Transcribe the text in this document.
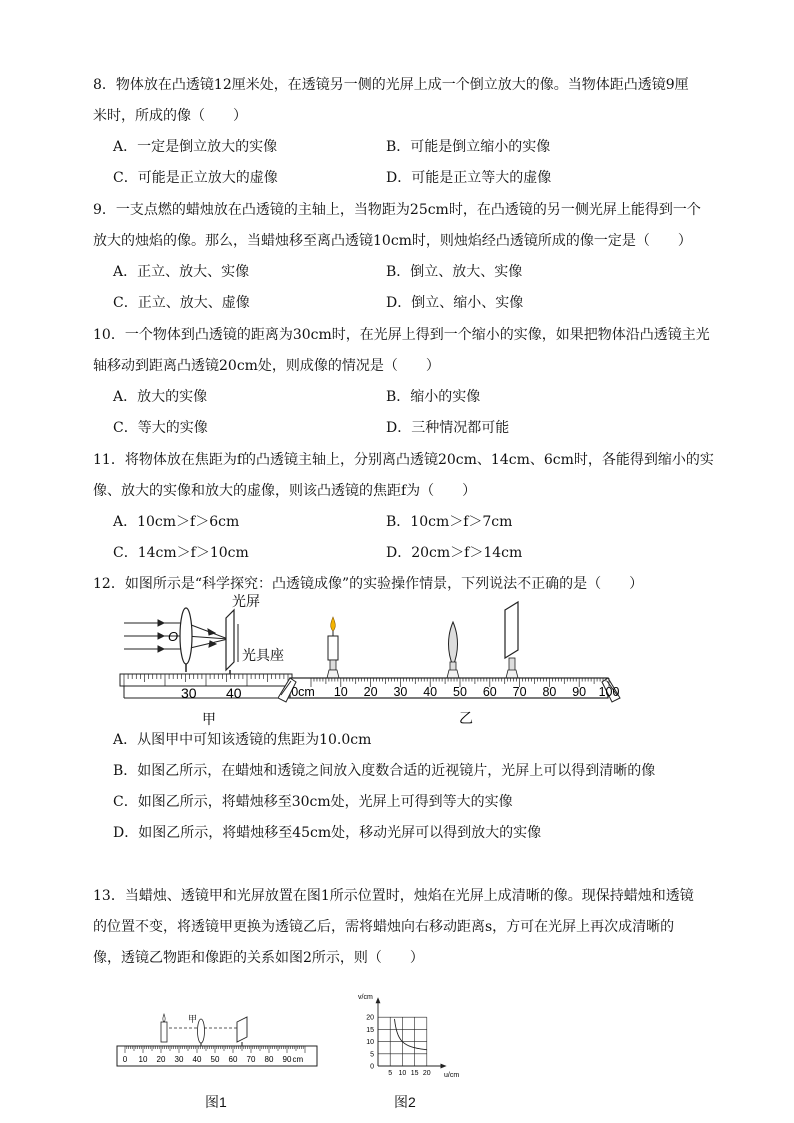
8．物体放在凸透镜12厘米处，在透镜另一侧的光屏上成一个倒立放大的像。当物体距凸透镜9厘
米时，所成的像（　　）
A．一定是倒立放大的实像	B．可能是倒立缩小的实像
C．可能是正立放大的虚像	D．可能是正立等大的虚像
9．一支点燃的蜡烛放在凸透镜的主轴上，当物距为25cm时，在凸透镜的另一侧光屏上能得到一个
放大的烛焰的像。那么，当蜡烛移至离凸透镜10cm时，则烛焰经凸透镜所成的像一定是（　　）
A．正立、放大、实像	B．倒立、放大、实像
C．正立、放大、虚像	D．倒立、缩小、实像
10．一个物体到凸透镜的距离为30cm时，在光屏上得到一个缩小的实像，如果把物体沿凸透镜主光
轴移动到距离凸透镜20cm处，则成像的情况是（　　）
A．放大的实像	B．缩小的实像
C．等大的实像	D．三种情况都可能
11．将物体放在焦距为f的凸透镜主轴上，分别离凸透镜20cm、14cm、6cm时，各能得到缩小的实
像、放大的实像和放大的虚像，则该凸透镜的焦距f为（　　）
A．10cm＞f＞6cm	B．10cm＞f＞7cm
C．14cm＞f＞10cm	D．20cm＞f＞14cm
12．如图所示是“科学探究：凸透镜成像”的实验操作情景，下列说法不正确的是（　　）
O
光屏
光具座
30 40
甲
0cm 10 20 30 40 50 60 70 80 90 100
乙
A．从图甲中可知该透镜的焦距为10.0cm
B．如图乙所示，在蜡烛和透镜之间放入度数合适的近视镜片，光屏上可以得到清晰的像
C．如图乙所示，将蜡烛移至30cm处，光屏上可得到等大的实像
D．如图乙所示，将蜡烛移至45cm处，移动光屏可以得到放大的实像
13．当蜡烛、透镜甲和光屏放置在图1所示位置时，烛焰在光屏上成清晰的像。现保持蜡烛和透镜
的位置不变，将透镜甲更换为透镜乙后，需将蜡烛向右移动距离s，方可在光屏上再次成清晰的
像，透镜乙物距和像距的关系如图2所示，则（　　）
甲
0 10 20 30 40 50 60 70 80 90 cm
图1
0
5
10
15
20
5 10 15 20
v/cm
u/cm
图2
